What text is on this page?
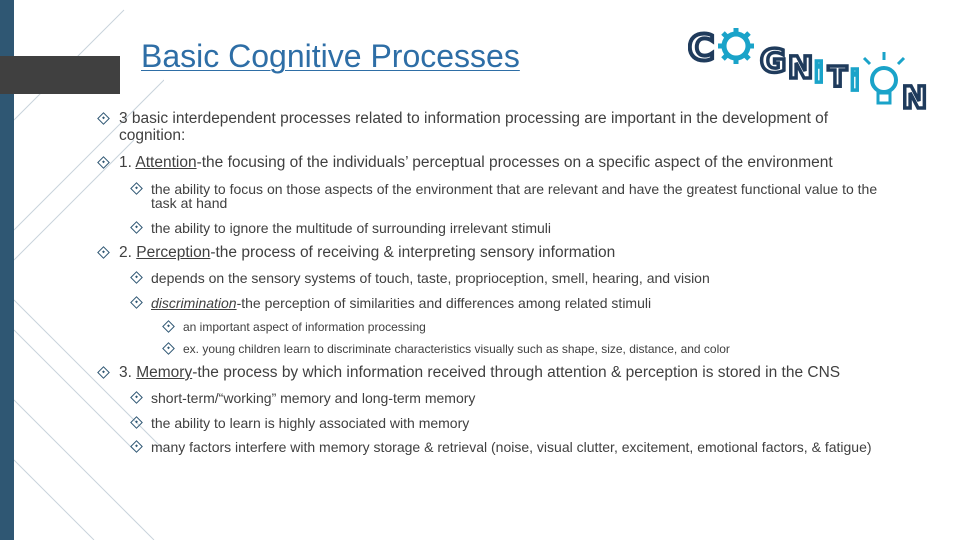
Basic Cognitive Processes	C G N i T i
N
3 basic interdependent processes related to information processing are important in the development of
cognition:
1. Attention-the focusing of the individuals’ perceptual processes on a specific aspect of the environment
the ability to focus on those aspects of the environment that are relevant and have the greatest functional value to the
task at hand
the ability to ignore the multitude of surrounding irrelevant stimuli
2. Perception-the process of receiving & interpreting sensory information
depends on the sensory systems of touch, taste, proprioception, smell, hearing, and vision
discrimination-the perception of similarities and differences among related stimuli
an important aspect of information processing
ex. young children learn to discriminate characteristics visually such as shape, size, distance, and color
3. Memory-the process by which information received through attention & perception is stored in the CNS
short-term/“working” memory and long-term memory
the ability to learn is highly associated with memory
many factors interfere with memory storage & retrieval (noise, visual clutter, excitement, emotional factors, & fatigue)
